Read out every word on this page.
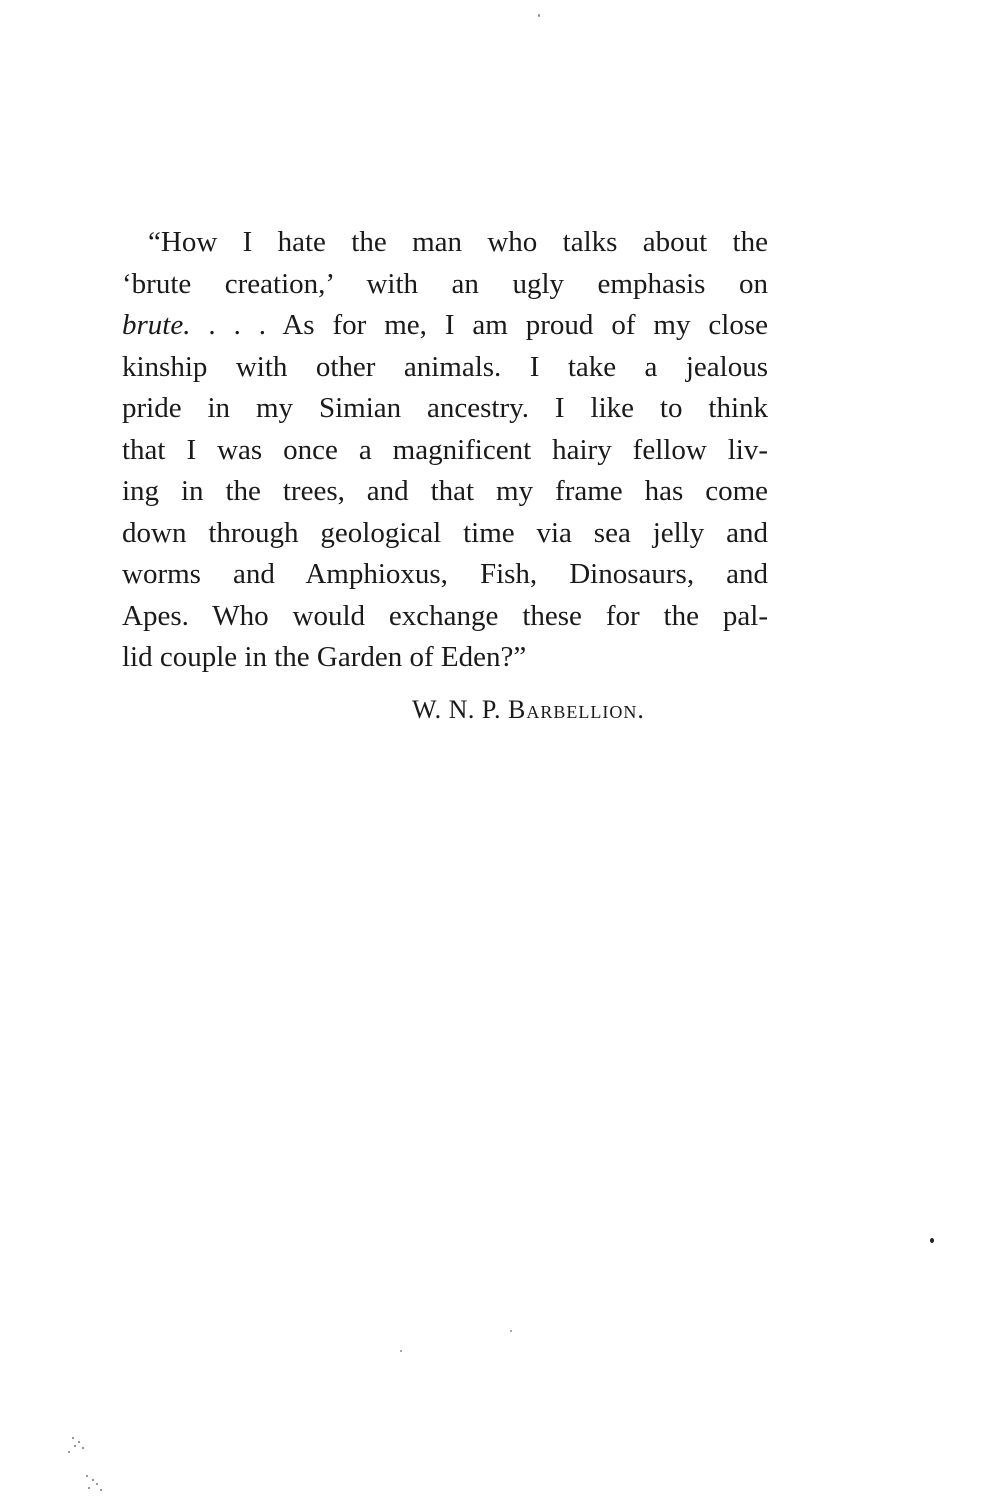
“How I hate the man who talks about the
‘brute creation,’ with an ugly emphasis on
brute. . . . As for me, I am proud of my close
kinship with other animals. I take a jealous
pride in my Simian ancestry. I like to think
that I was once a magnificent hairy fellow liv-
ing in the trees, and that my frame has come
down through geological time via sea jelly and
worms and Amphioxus, Fish, Dinosaurs, and
Apes. Who would exchange these for the pal-
lid couple in the Garden of Eden?”
W. N. P. Barbellion.
